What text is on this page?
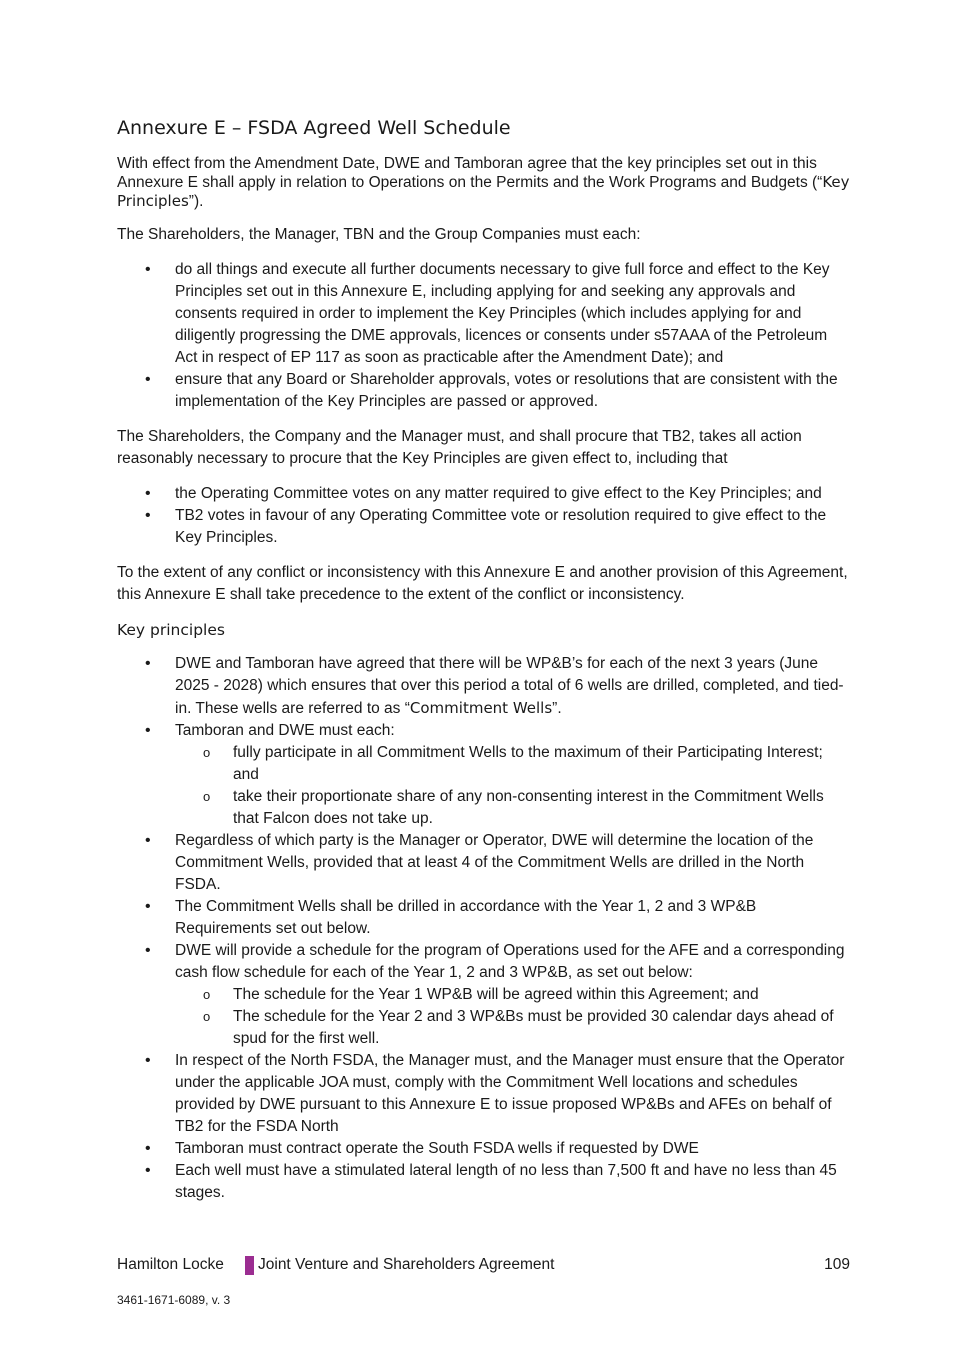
Annexure E – FSDA Agreed Well Schedule

With effect from the Amendment Date, DWE and Tamboran agree that the key principles set out in this Annexure E shall apply in relation to Operations on the Permits and the Work Programs and Budgets (“Key Principles”).

The Shareholders, the Manager, TBN and the Group Companies must each:

• do all things and execute all further documents necessary to give full force and effect to the Key Principles set out in this Annexure E, including applying for and seeking any approvals and consents required in order to implement the Key Principles (which includes applying for and diligently progressing the DME approvals, licences or consents under s57AAA of the Petroleum Act in respect of EP 117 as soon as practicable after the Amendment Date); and
• ensure that any Board or Shareholder approvals, votes or resolutions that are consistent with the implementation of the Key Principles are passed or approved.

The Shareholders, the Company and the Manager must, and shall procure that TB2, takes all action reasonably necessary to procure that the Key Principles are given effect to, including that

• the Operating Committee votes on any matter required to give effect to the Key Principles; and
• TB2 votes in favour of any Operating Committee vote or resolution required to give effect to the Key Principles.

To the extent of any conflict or inconsistency with this Annexure E and another provision of this Agreement, this Annexure E shall take precedence to the extent of the conflict or inconsistency.

Key principles
• DWE and Tamboran have agreed that there will be WP&B’s for each of the next 3 years (June 2025 - 2028) which ensures that over this period a total of 6 wells are drilled, completed, and tied-in. These wells are referred to as “Commitment Wells”.
• Tamboran and DWE must each:
o fully participate in all Commitment Wells to the maximum of their Participating Interest; and
o take their proportionate share of any non-consenting interest in the Commitment Wells that Falcon does not take up.
• Regardless of which party is the Manager or Operator, DWE will determine the location of the Commitment Wells, provided that at least 4 of the Commitment Wells are drilled in the North FSDA.
• The Commitment Wells shall be drilled in accordance with the Year 1, 2 and 3 WP&B Requirements set out below.
• DWE will provide a schedule for the program of Operations used for the AFE and a corresponding cash flow schedule for each of the Year 1, 2 and 3 WP&B, as set out below:
o The schedule for the Year 1 WP&B will be agreed within this Agreement; and
o The schedule for the Year 2 and 3 WP&Bs must be provided 30 calendar days ahead of spud for the first well.
• In respect of the North FSDA, the Manager must, and the Manager must ensure that the Operator under the applicable JOA must, comply with the Commitment Well locations and schedules provided by DWE pursuant to this Annexure E to issue proposed WP&Bs and AFEs on behalf of TB2 for the FSDA North
• Tamboran must contract operate the South FSDA wells if requested by DWE
• Each well must have a stimulated lateral length of no less than 7,500 ft and have no less than 45 stages.
Hamilton Locke Joint Venture and Shareholders Agreement	109
3461-1671-6089, v. 3
